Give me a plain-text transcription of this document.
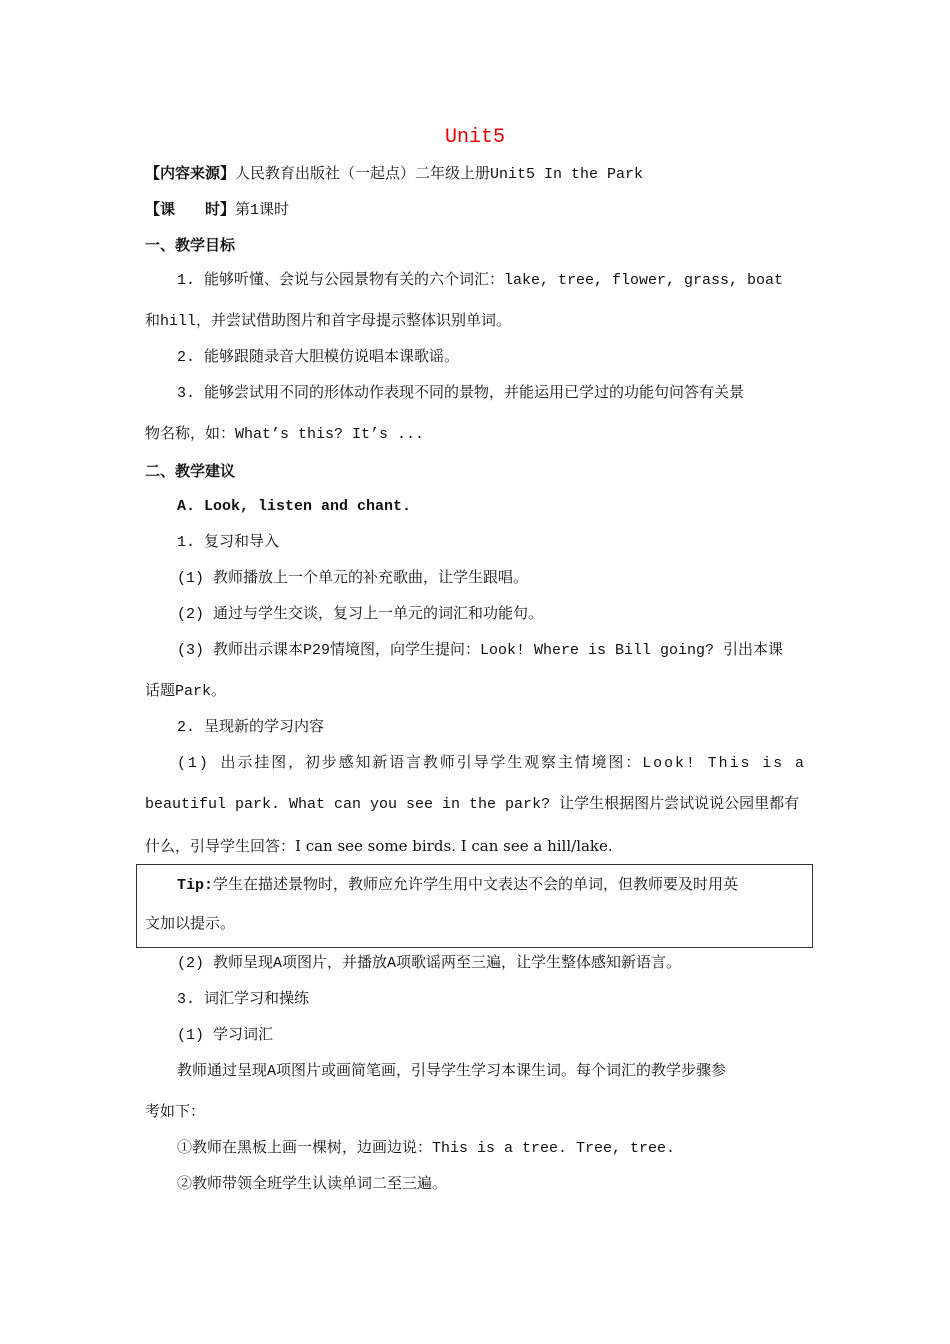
Unit5
【内容来源】人民教育出版社（一起点）二年级上册Unit5 In the Park
【课　　时】第1课时
一、教学目标
1. 能够听懂、会说与公园景物有关的六个词汇：lake, tree, flower, grass, boat
和hill，并尝试借助图片和首字母提示整体识别单词。
2. 能够跟随录音大胆模仿说唱本课歌谣。
3. 能够尝试用不同的形体动作表现不同的景物，并能运用已学过的功能句问答有关景
物名称，如：What’s this? It’s ...
二、教学建议
A. Look, listen and chant.
1. 复习和导入
(1) 教师播放上一个单元的补充歌曲，让学生跟唱。
(2) 通过与学生交谈，复习上一单元的词汇和功能句。
(3) 教师出示课本P29情境图，向学生提问：Look! Where is Bill going? 引出本课
话题Park。
2. 呈现新的学习内容
(1) 出示挂图，初步感知新语言教师引导学生观察主情境图：Look! This is a
beautiful park. What can you see in the park? 让学生根据图片尝试说说公园里都有
什么，引导学生回答：I can see some birds. I can see a hill/lake.
Tip:学生在描述景物时，教师应允许学生用中文表达不会的单词，但教师要及时用英
文加以提示。
(2) 教师呈现A项图片，并播放A项歌谣两至三遍，让学生整体感知新语言。
3. 词汇学习和操练
(1) 学习词汇
教师通过呈现A项图片或画简笔画，引导学生学习本课生词。每个词汇的教学步骤参
考如下：
①教师在黑板上画一棵树，边画边说：This is a tree. Tree, tree.
②教师带领全班学生认读单词二至三遍。
